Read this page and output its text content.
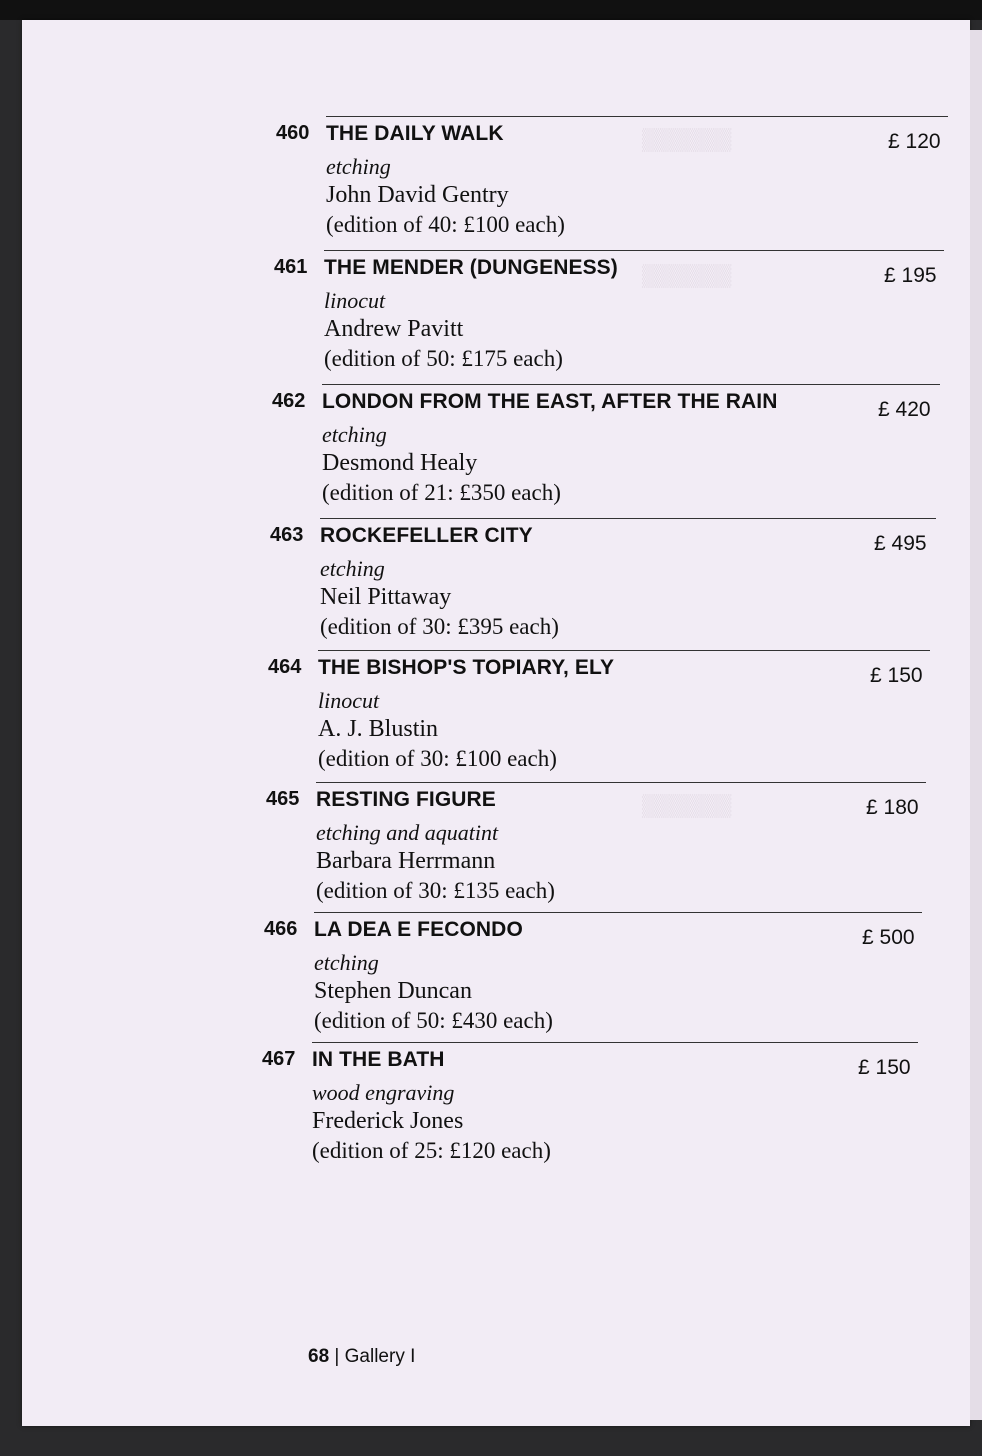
▒▒▒▒▒▒
▒▒▒▒▒▒
▒▒▒▒▒▒
460 THE DAILY WALK	£ 120
etching
John David Gentry
(edition of 40: £100 each)
461 THE MENDER (DUNGENESS)	£ 195
linocut
Andrew Pavitt
(edition of 50: £175 each)
462 LONDON FROM THE EAST, AFTER THE RAIN	£ 420
etching
Desmond Healy
(edition of 21: £350 each)
463 ROCKEFELLER CITY	£ 495
etching
Neil Pittaway
(edition of 30: £395 each)
464 THE BISHOP'S TOPIARY, ELY	£ 150
linocut
A. J. Blustin
(edition of 30: £100 each)
465 RESTING FIGURE	£ 180
etching and aquatint
Barbara Herrmann
(edition of 30: £135 each)
466 LA DEA E FECONDO	£ 500
etching
Stephen Duncan
(edition of 50: £430 each)
467 IN THE BATH	£ 150
wood engraving
Frederick Jones
(edition of 25: £120 each)
68 | Gallery I
